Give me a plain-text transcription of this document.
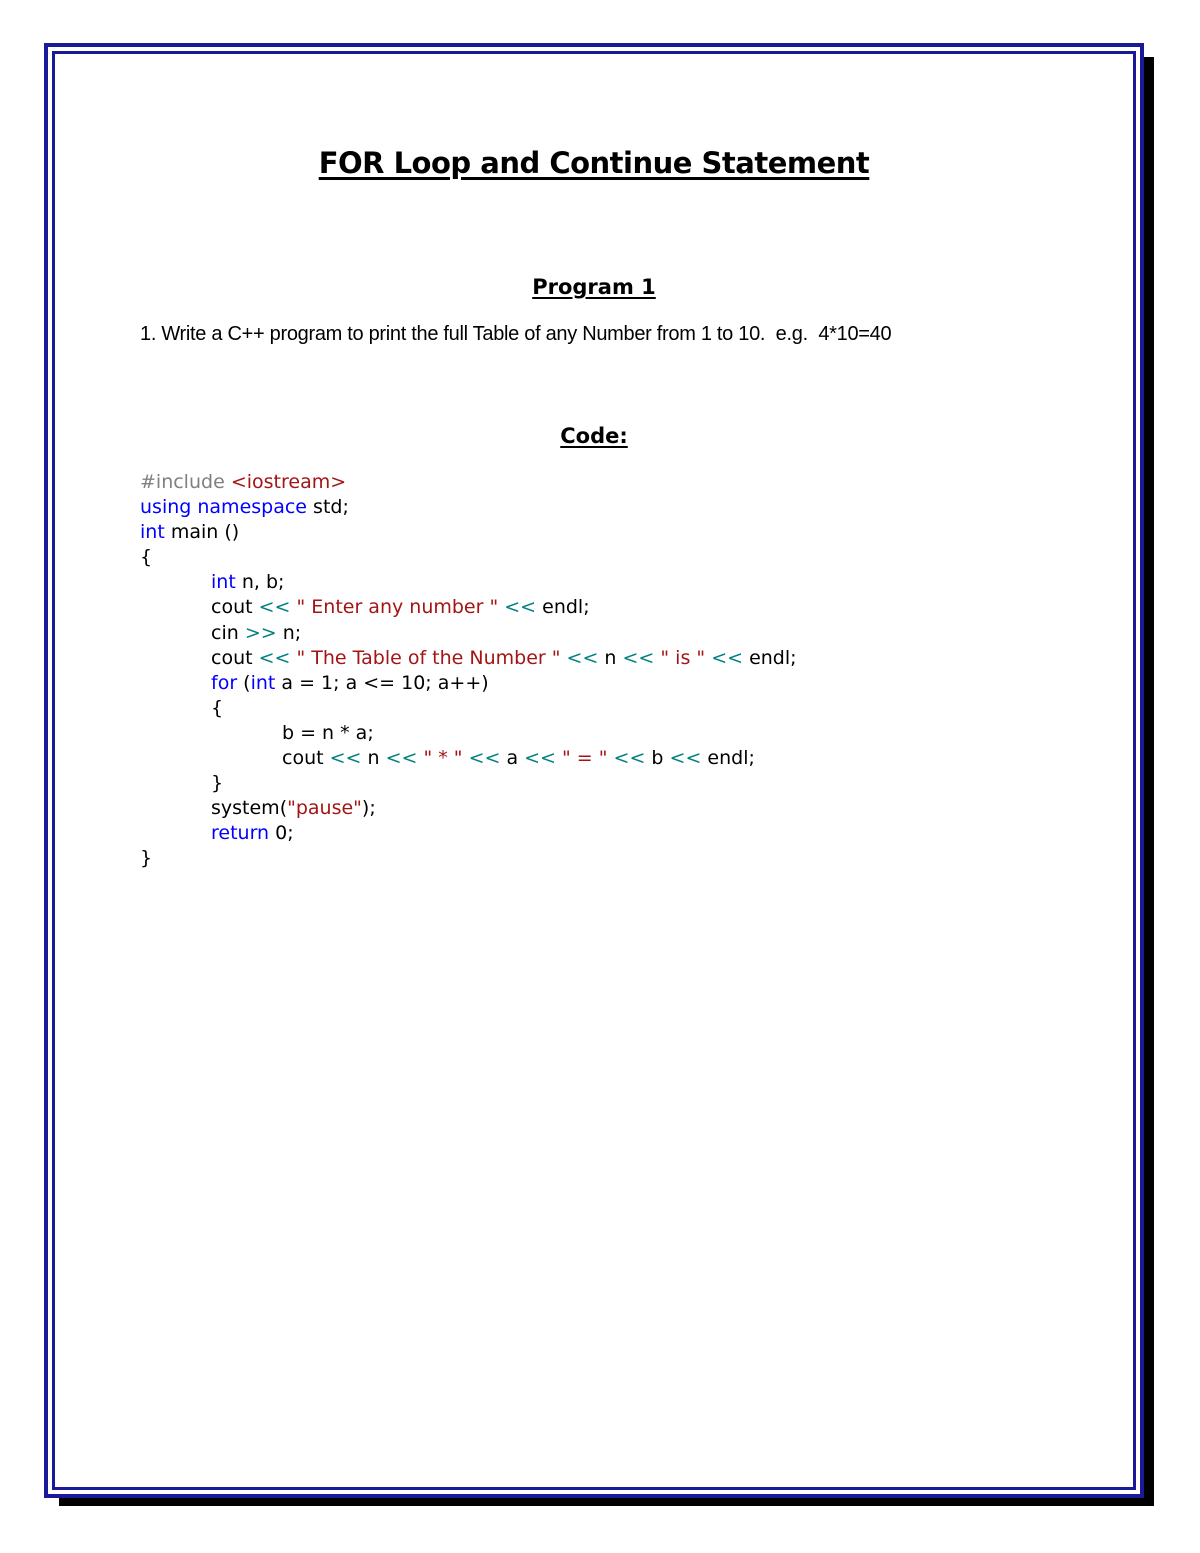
FOR Loop and Continue Statement
Program 1
1. Write a C++ program to print the full Table of any Number from 1 to 10.  e.g.  4*10=40
Code:
#include <iostream>
using namespace std;
int main ()
{
int n, b;
cout << " Enter any number " << endl;
cin >> n;
cout << " The Table of the Number " << n << " is " << endl;
for (int a = 1; a <= 10; a++)
{
b = n * a;
cout << n << " * " << a << " = " << b << endl;
}
system("pause");
return 0;
}
